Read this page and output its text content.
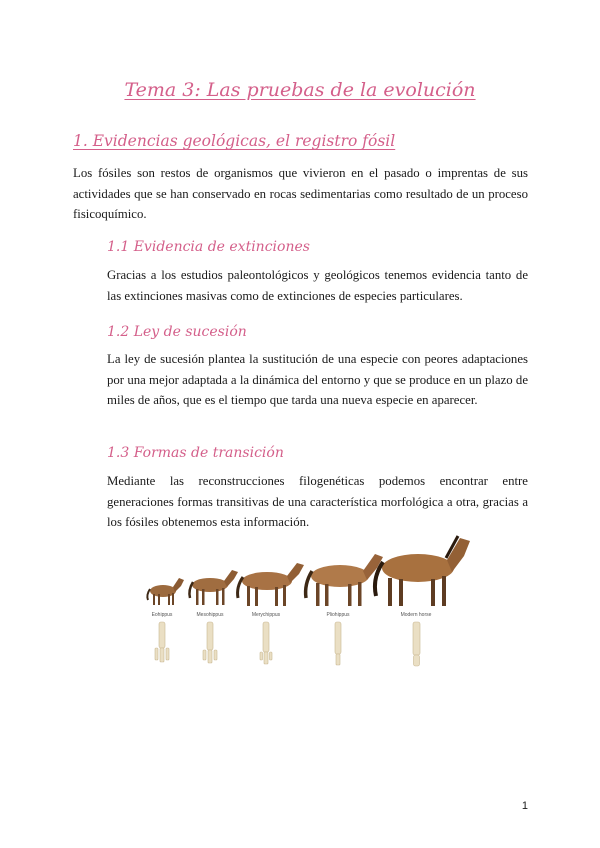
Tema 3: Las pruebas de la evolución
1. Evidencias geológicas, el registro fósil

Los fósiles son restos de organismos que vivieron en el pasado o imprentas de sus actividades que se han conservado en rocas sedimentarias como resultado de un proceso fisicoquímico.

1.1 Evidencia de extinciones

Gracias a los estudios paleontológicos y geológicos tenemos evidencia tanto de las extinciones masivas como de extinciones de especies particulares.

1.2 Ley de sucesión

La ley de sucesión plantea la sustitución de una especie con peores adaptaciones por una mejor adaptada a la dinámica del entorno y que se produce en un plazo de miles de años, que es el tiempo que tarda una nueva especie en aparecer.

1.3 Formas de transición

Mediante las reconstrucciones filogenéticas podemos encontrar entre generaciones formas transitivas de una característica morfológica a otra, gracias a los fósiles obtenemos esta información.

Eohippus	Mesohippus	Merychippus	Pliohippus	Modern horse
1
